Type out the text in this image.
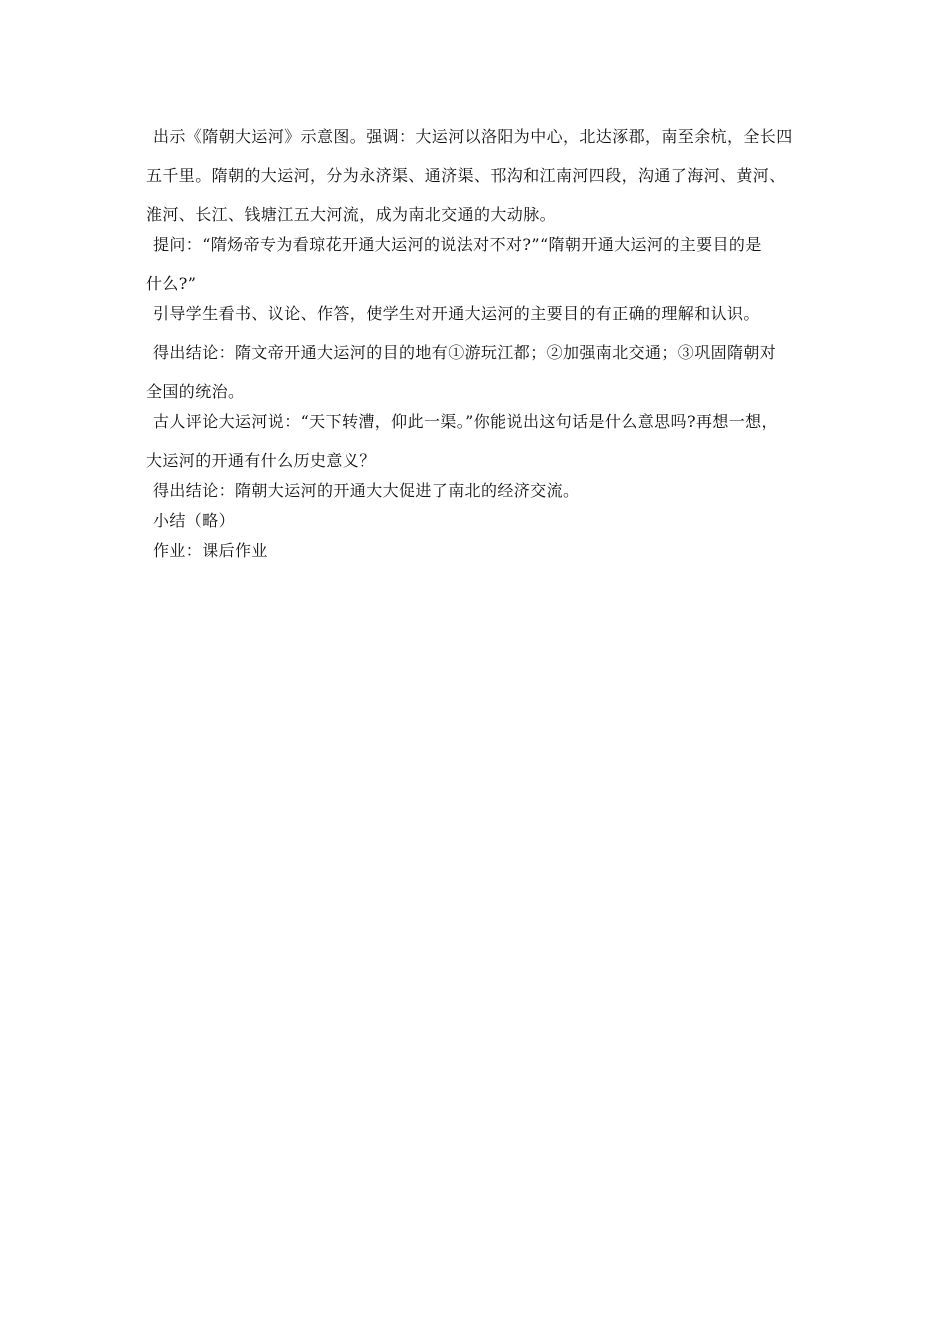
出示《隋朝大运河》示意图。强调：大运河以洛阳为中心，北达涿郡，南至余杭，全长四
五千里。隋朝的大运河，分为永济渠、通济渠、邗沟和江南河四段，沟通了海河、黄河、
淮河、长江、钱塘江五大河流，成为南北交通的大动脉。
提问：“隋炀帝专为看琼花开通大运河的说法对不对?”“隋朝开通大运河的主要目的是
什么?”
引导学生看书、议论、作答，使学生对开通大运河的主要目的有正确的理解和认识。
得出结论：隋文帝开通大运河的目的地有①游玩江都；②加强南北交通；③巩固隋朝对
全国的统治。
古人评论大运河说：“天下转漕，仰此一渠。”你能说出这句话是什么意思吗?再想一想，
大运河的开通有什么历史意义？
得出结论：隋朝大运河的开通大大促进了南北的经济交流。
小结（略）
作业：课后作业
